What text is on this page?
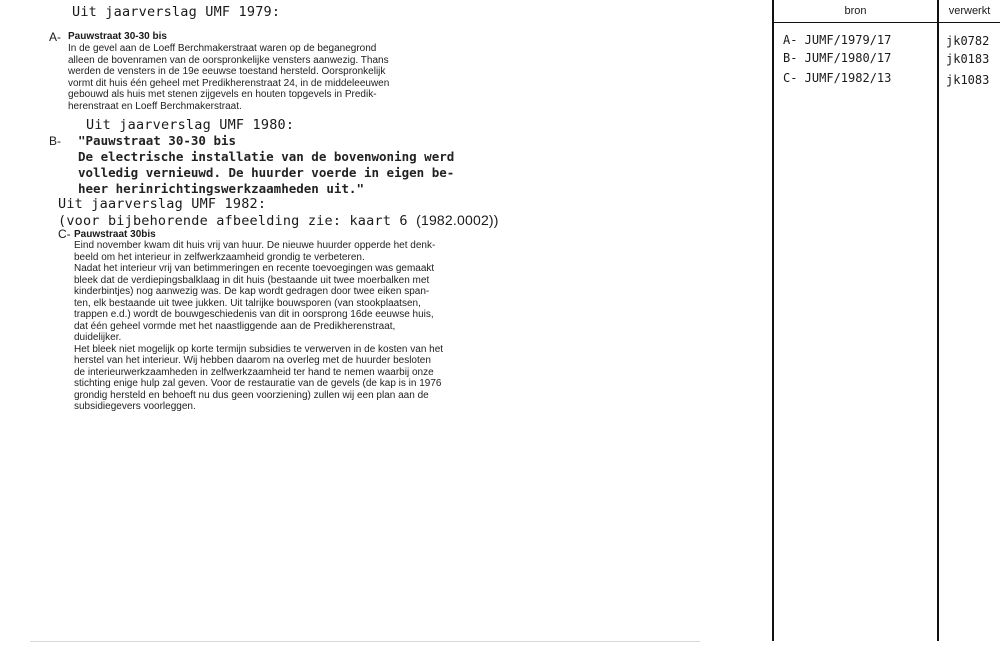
Uit jaarverslag UMF 1979:
A- Pauwstraat 30-30 bis
In de gevel aan de Loeff Berchmakerstraat waren op de beganegrond
alleen de bovenramen van de oorspronkelijke vensters aanwezig. Thans
werden de vensters in de 19e eeuwse toestand hersteld. Oorspronkelijk
vormt dit huis één geheel met Predikherenstraat 24, in de middeleeuwen
gebouwd als huis met stenen zijgevels en houten topgevels in Predik-
herenstraat en Loeff Berchmakerstraat.
Uit jaarverslag UMF 1980:
B- "Pauwstraat 30-30 bis
De electrische installatie van de bovenwoning werd
volledig vernieuwd. De huurder voerde in eigen be-
heer herinrichtingswerkzaamheden uit."
Uit jaarverslag UMF 1982:
(voor bijbehorende afbeelding zie: kaart 6 (1982.0002))
C- Pauwstraat 30bis
Eind november kwam dit huis vrij van huur. De nieuwe huurder opperde het denk-
beeld om het interieur in zelfwerkzaamheid grondig te verbeteren.
Nadat het interieur vrij van betimmeringen en recente toevoegingen was gemaakt
bleek dat de verdiepingsbalklaag in dit huis (bestaande uit twee moerbalken met
kinderbintjes) nog aanwezig was. De kap wordt gedragen door twee eiken span-
ten, elk bestaande uit twee jukken. Uit talrijke bouwsporen (van stookplaatsen,
trappen e.d.) wordt de bouwgeschiedenis van dit in oorsprong 16de eeuwse huis,
dat één geheel vormde met het naastliggende aan de Predikherenstraat,
duidelijker.
Het bleek niet mogelijk op korte termijn subsidies te verwerven in de kosten van het
herstel van het interieur. Wij hebben daarom na overleg met de huurder besloten
de interieurwerkzaamheden in zelfwerkzaamheid ter hand te nemen waarbij onze
stichting enige hulp zal geven. Voor de restauratie van de gevels (de kap is in 1976
grondig hersteld en behoeft nu dus geen voorziening) zullen wij een plan aan de
subsidiegevers voorleggen.
bron	verwerkt
A- JUMF/1979/17	jk0782
B- JUMF/1980/17	jk0183
C- JUMF/1982/13	jk1083
